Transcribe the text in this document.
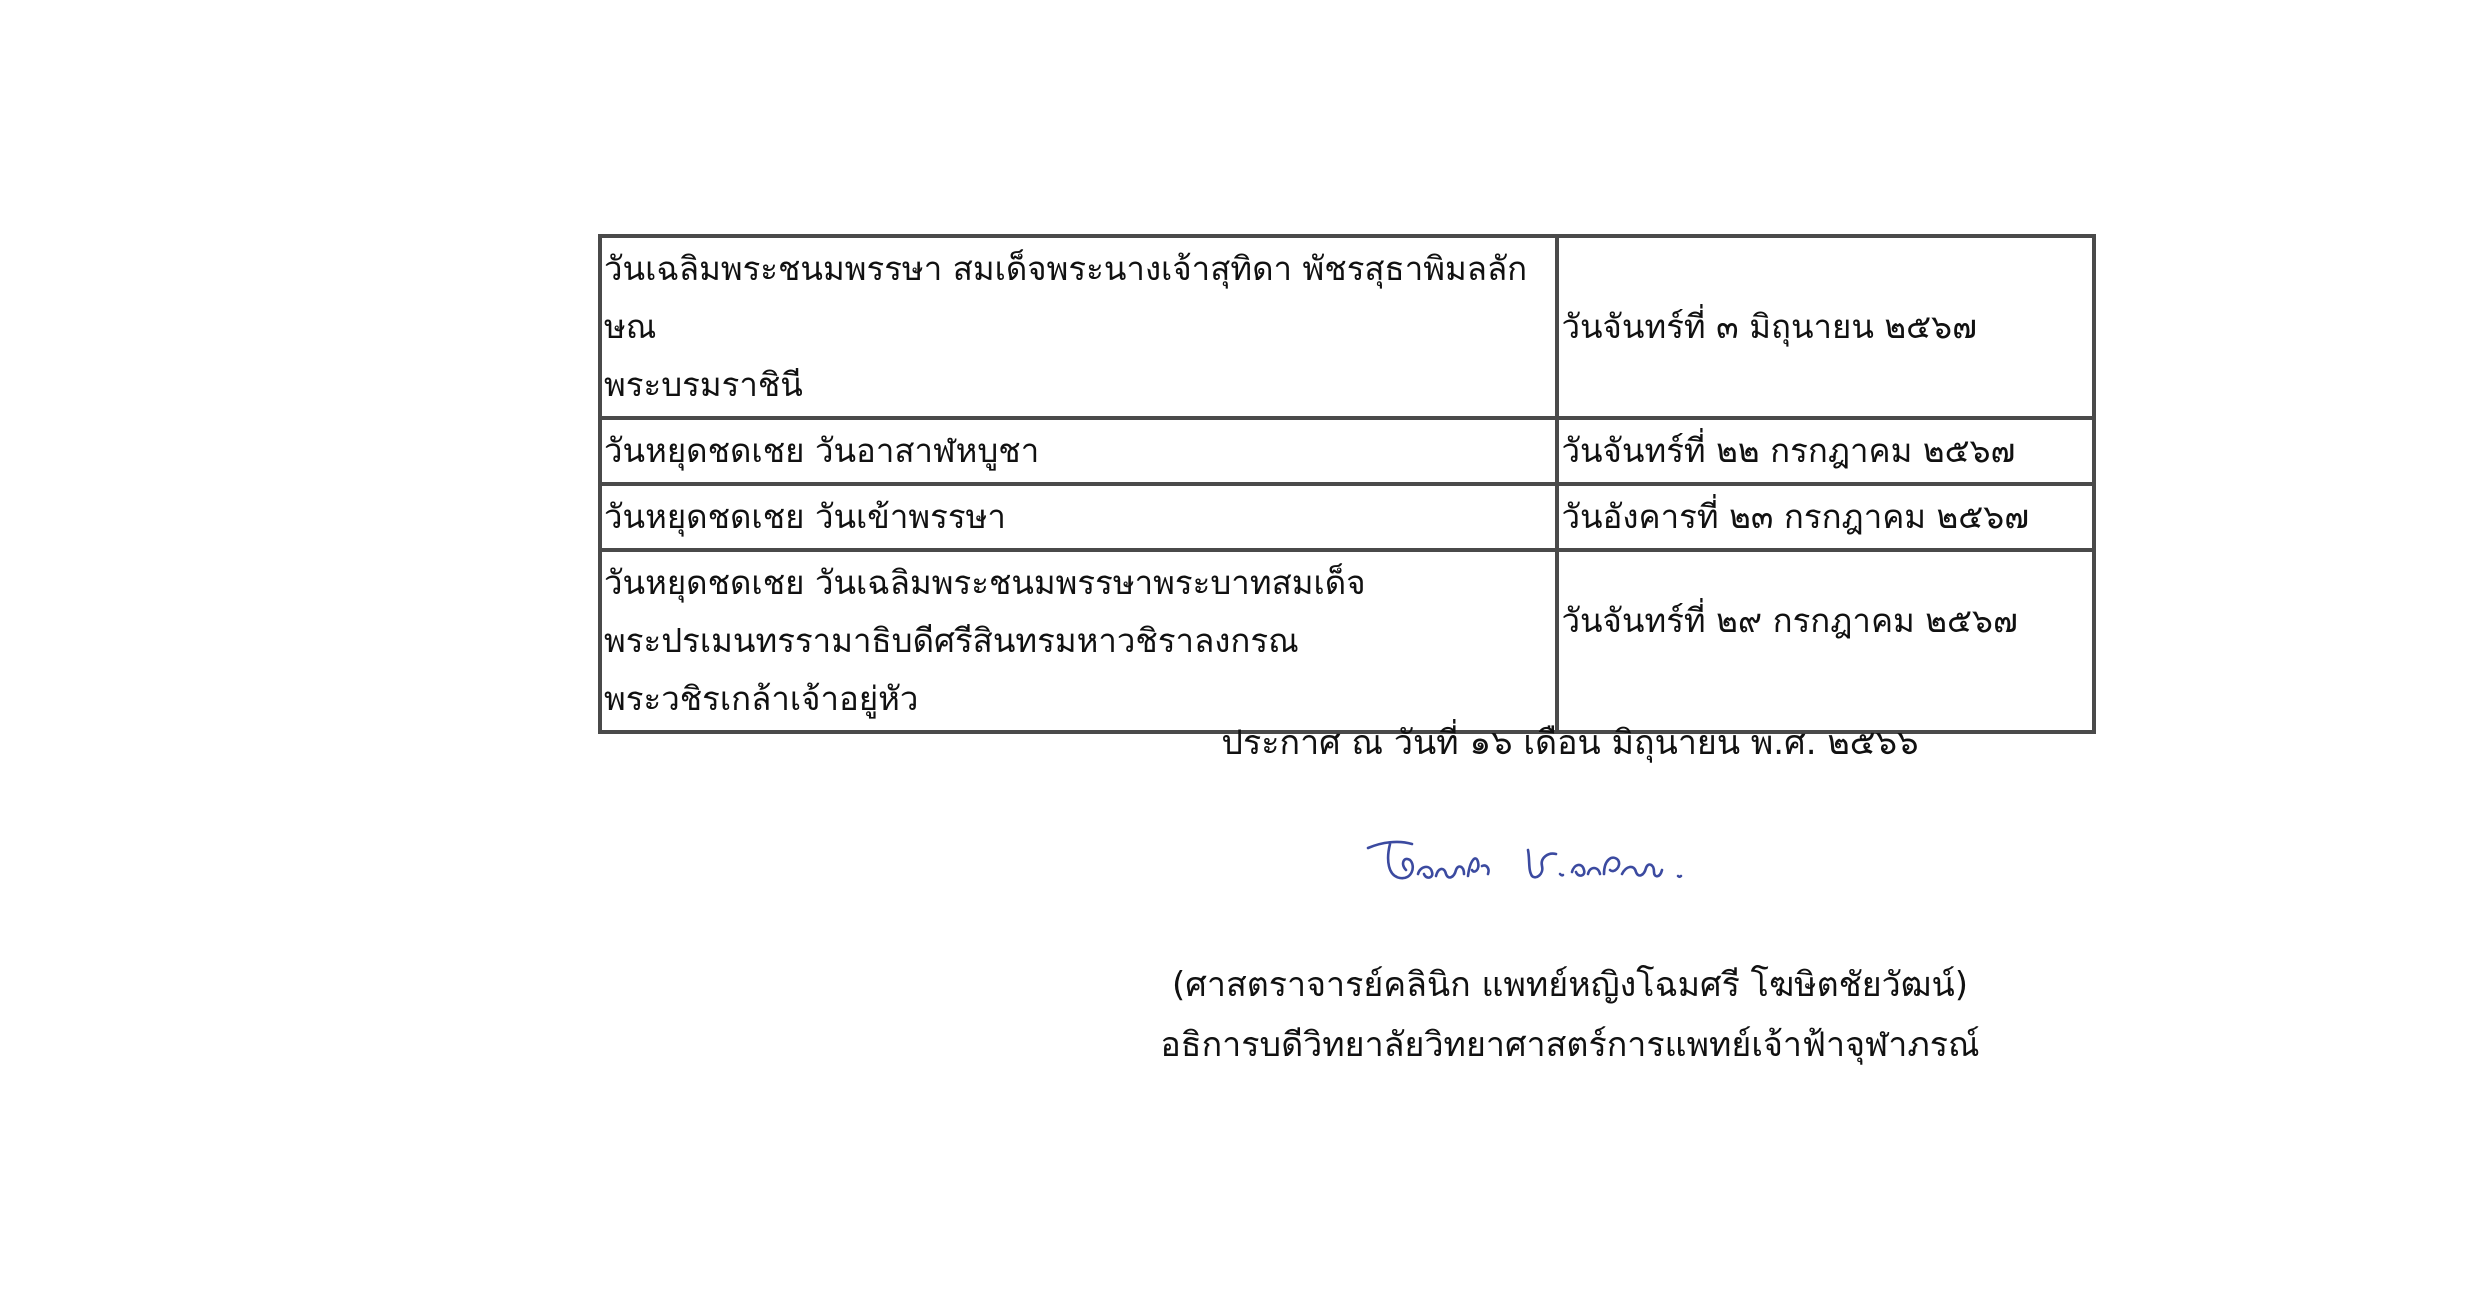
วันเฉลิมพระชนมพรรษา สมเด็จพระนางเจ้าสุทิดา พัชรสุธาพิมลลักษณ
พระบรมราชินี	วันจันทร์ที่ ๓ มิถุนายน ๒๕๖๗
วันหยุดชดเชย วันอาสาฬหบูชา	วันจันทร์ที่ ๒๒ กรกฎาคม ๒๕๖๗
วันหยุดชดเชย วันเข้าพรรษา	วันอังคารที่ ๒๓ กรกฎาคม ๒๕๖๗
วันหยุดชดเชย วันเฉลิมพระชนมพรรษาพระบาทสมเด็จ
พระปรเมนทรรามาธิบดีศรีสินทรมหาวชิราลงกรณ
พระวชิรเกล้าเจ้าอยู่หัว	วันจันทร์ที่ ๒๙ กรกฎาคม ๒๕๖๗
ประกาศ ณ วันที่ ๑๖ เดือน มิถุนายน พ.ศ. ๒๕๖๖
(ศาสตราจารย์คลินิก แพทย์หญิงโฉมศรี โฆษิตชัยวัฒน์)
อธิการบดีวิทยาลัยวิทยาศาสตร์การแพทย์เจ้าฟ้าจุฬาภรณ์
